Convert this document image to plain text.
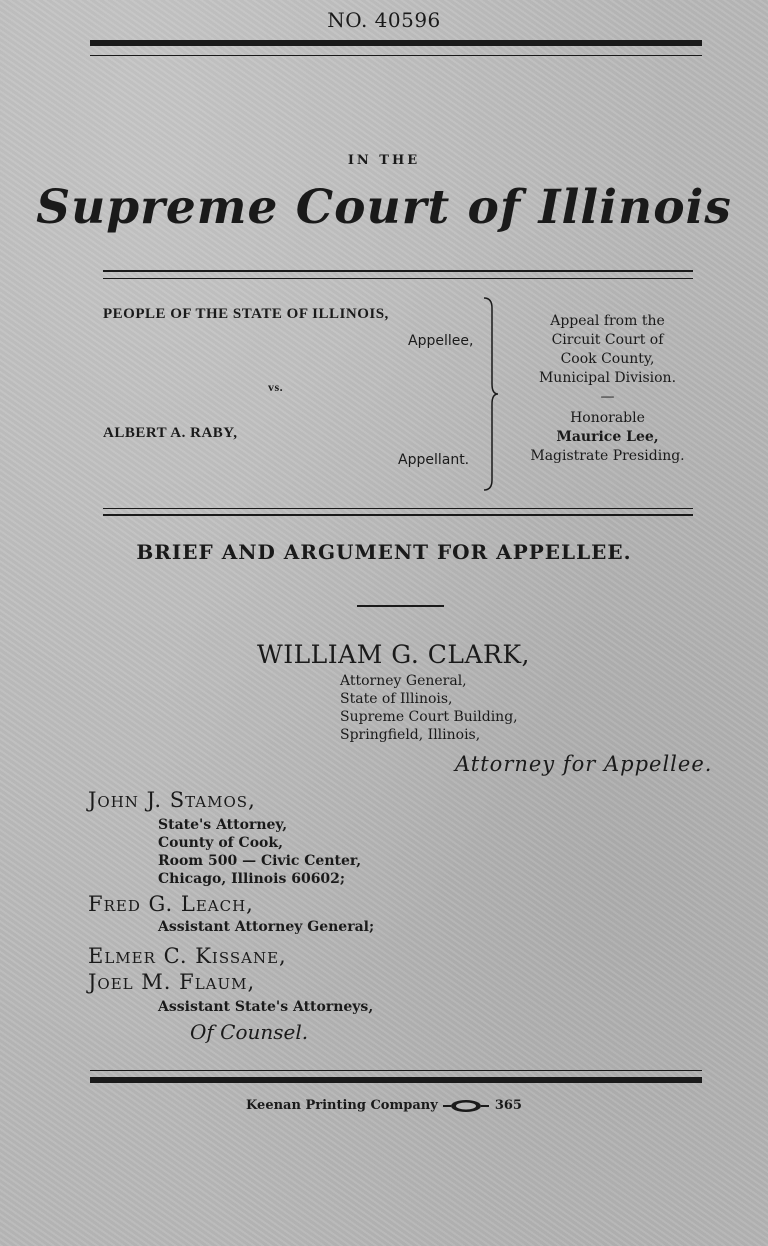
NO. 40596
IN THE
Supreme Court of Illinois
PEOPLE OF THE STATE OF ILLINOIS,
Appellee,
vs.
ALBERT A. RABY,
Appellant.
Appeal from the
Circuit Court of
Cook County,
Municipal Division.
—
Honorable
Maurice Lee,
Magistrate Presiding.
BRIEF AND ARGUMENT FOR APPELLEE.
WILLIAM G. CLARK,
Attorney General,
State of Illinois,
Supreme Court Building,
Springfield, Illinois,
Attorney for Appellee.
John J. Stamos,
State's Attorney,
County of Cook,
Room 500 — Civic Center,
Chicago, Illinois 60602;
Fred G. Leach,
Assistant Attorney General;
Elmer C. Kissane,
Joel M. Flaum,
Assistant State's Attorneys,
Of Counsel.
Keenan Printing Company	365
